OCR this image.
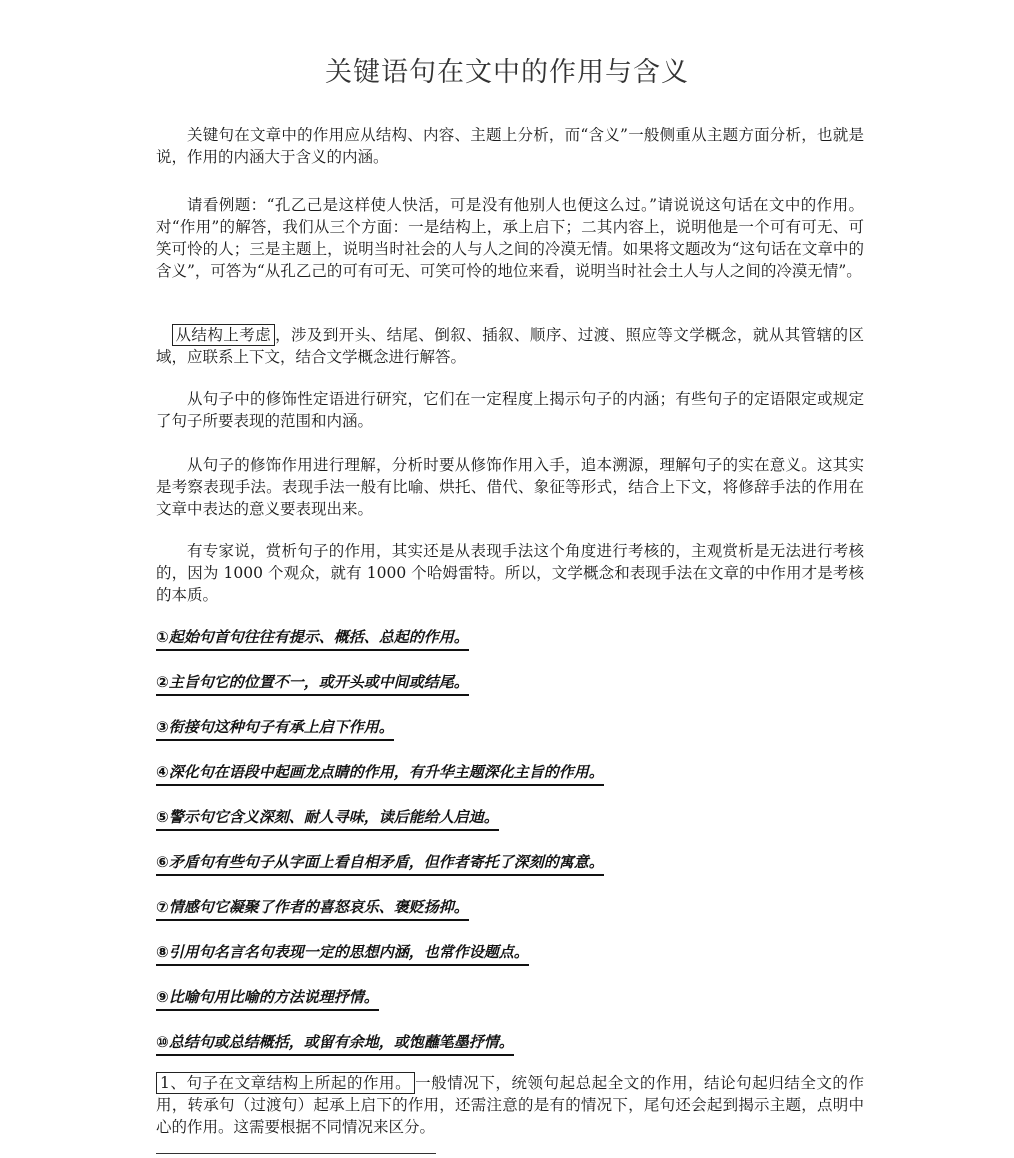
关键语句在文中的作用与含义

关键句在文章中的作用应从结构、内容、主题上分析，而“含义”一般侧重从主题方面分析，也就是说，作用的内涵大于含义的内涵。

请看例题：“孔乙己是这样使人快活，可是没有他别人也便这么过。”请说说这句话在文中的作用。对“作用”的解答，我们从三个方面：一是结构上，承上启下；二其内容上，说明他是一个可有可无、可笑可怜的人；三是主题上，说明当时社会的人与人之间的冷漠无情。如果将文题改为“这句话在文章中的含义”，可答为“从孔乙己的可有可无、可笑可怜的地位来看，说明当时社会土人与人之间的冷漠无情”。

从结构上考虑 ，涉及到开头、结尾、倒叙、插叙、顺序、过渡、照应等文学概念，就从其管辖的区域，应联系上下文，结合文学概念进行解答。

从句子中的修饰性定语进行研究，它们在一定程度上揭示句子的内涵；有些句子的定语限定或规定了句子所要表现的范围和内涵。

从句子的修饰作用进行理解，分析时要从修饰作用入手，追本溯源，理解句子的实在意义。这其实是考察表现手法。表现手法一般有比喻、烘托、借代、象征等形式，结合上下文，将修辞手法的作用在文章中表达的意义要表现出来。

有专家说，赏析句子的作用，其实还是从表现手法这个角度进行考核的，主观赏析是无法进行考核的，因为 1000 个观众，就有 1000 个哈姆雷特。所以，文学概念和表现手法在文章的中作用才是考核的本质。

①起始句首句往往有提示、概括、总起的作用。
②主旨句它的位置不一，或开头或中间或结尾。
③衔接句这种句子有承上启下作用。
④深化句在语段中起画龙点睛的作用，有升华主题深化主旨的作用。
⑤警示句它含义深刻、耐人寻味，读后能给人启迪。
⑥矛盾句有些句子从字面上看自相矛盾，但作者寄托了深刻的寓意。
⑦情感句它凝聚了作者的喜怒哀乐、褒贬扬抑。
⑧引用句名言名句表现一定的思想内涵，也常作设题点。
⑨比喻句用比喻的方法说理抒情。
⑩总结句或总结概括，或留有余地，或饱蘸笔墨抒情。

1、句子在文章结构上所起的作用。 一般情况下，统领句起总起全文的作用，结论句起归结全文的作用，转承句（过渡句）起承上启下的作用，还需注意的是有的情况下，尾句还会起到揭示主题，点明中心的作用。这需要根据不同情况来区分。
